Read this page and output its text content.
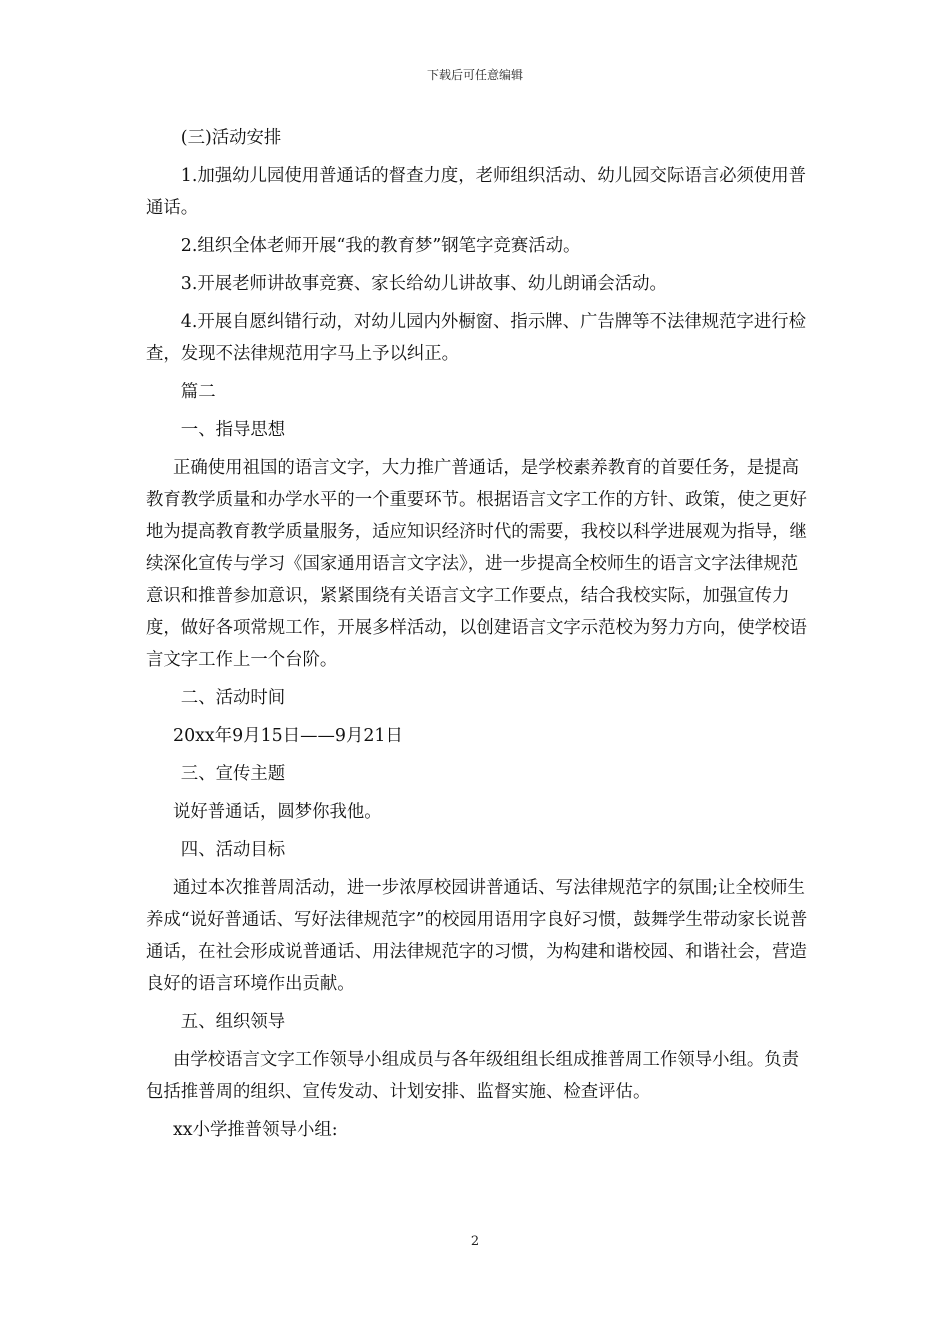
下载后可任意编辑

(三)活动安排

1.加强幼儿园使用普通话的督查力度，老师组织活动、幼儿园交际语言必须使用普通话。

2.组织全体老师开展“我的教育梦”钢笔字竞赛活动。

3.开展老师讲故事竞赛、家长给幼儿讲故事、幼儿朗诵会活动。

4.开展自愿纠错行动，对幼儿园内外橱窗、指示牌、广告牌等不法律规范字进行检查，发现不法律规范用字马上予以纠正。

篇二

一、指导思想

正确使用祖国的语言文字，大力推广普通话，是学校素养教育的首要任务，是提高教育教学质量和办学水平的一个重要环节。根据语言文字工作的方针、政策，使之更好地为提高教育教学质量服务，适应知识经济时代的需要，我校以科学进展观为指导，继续深化宣传与学习《国家通用语言文字法》，进一步提高全校师生的语言文字法律规范意识和推普参加意识，紧紧围绕有关语言文字工作要点，结合我校实际，加强宣传力度，做好各项常规工作，开展多样活动，以创建语言文字示范校为努力方向，使学校语言文字工作上一个台阶。

二、活动时间

20xx年9月15日——9月21日

三、宣传主题

说好普通话，圆梦你我他。

四、活动目标

通过本次推普周活动，进一步浓厚校园讲普通话、写法律规范字的氛围;让全校师生养成“说好普通话、写好法律规范字”的校园用语用字良好习惯，鼓舞学生带动家长说普通话，在社会形成说普通话、用法律规范字的习惯，为构建和谐校园、和谐社会，营造良好的语言环境作出贡献。

五、组织领导

由学校语言文字工作领导小组成员与各年级组组长组成推普周工作领导小组。负责包括推普周的组织、宣传发动、计划安排、监督实施、检查评估。

xx小学推普领导小组:

2
